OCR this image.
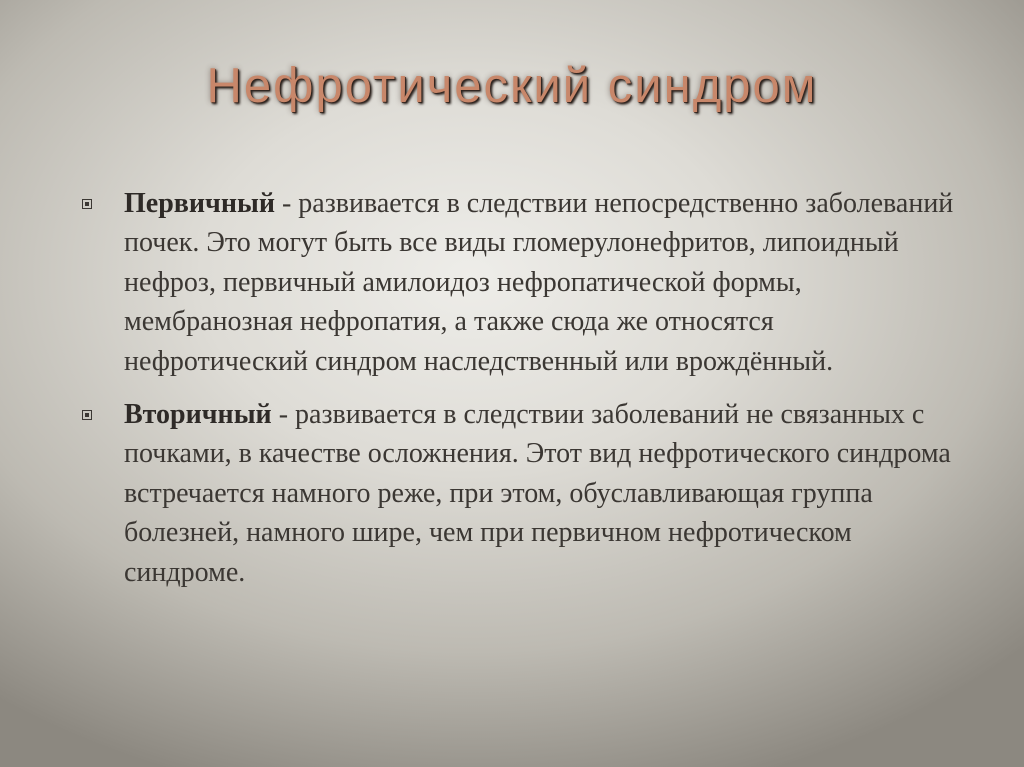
Нефротический синдром
Первичный - развивается в следствии непосредственно заболеваний почек. Это могут быть все виды гломерулонефритов, липоидный нефроз, первичный амилоидоз нефропатической формы, мембранозная нефропатия, а также сюда же относятся нефротический синдром наследственный или врождённый.
Вторичный - развивается в следствии заболеваний не связанных с почками, в качестве осложнения. Этот вид нефротического синдрома встречается намного реже, при этом, обуславливающая группа болезней, намного шире, чем при первичном нефротическом синдроме.
